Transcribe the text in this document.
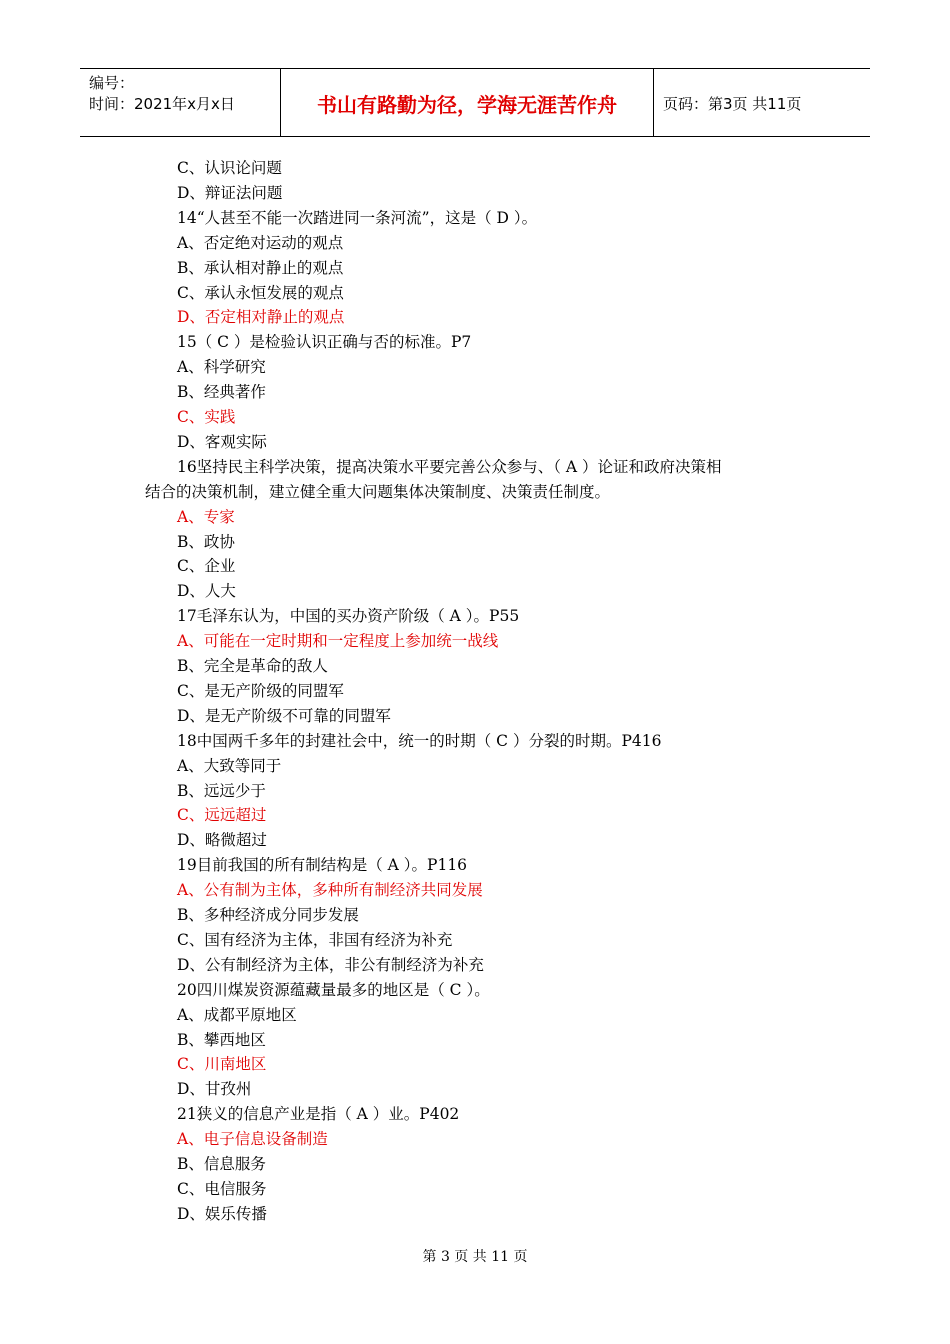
编号：
时间：2021年x月x日	书山有路勤为径，学海无涯苦作舟	页码：第3页 共11页
C、认识论问题
D、辩证法问题
14“人甚至不能一次踏进同一条河流”，这是（ D ）。
A、否定绝对运动的观点
B、承认相对静止的观点
C、承认永恒发展的观点
D、否定相对静止的观点
15（ C ）是检验认识正确与否的标准。P7
A、科学研究
B、经典著作
C、实践
D、客观实际
16坚持民主科学决策，提高决策水平要完善公众参与、（ A ）论证和政府决策相
结合的决策机制，建立健全重大问题集体决策制度、决策责任制度。
A、专家
B、政协
C、企业
D、人大
17毛泽东认为，中国的买办资产阶级（ A ）。P55
A、可能在一定时期和一定程度上参加统一战线
B、完全是革命的敌人
C、是无产阶级的同盟军
D、是无产阶级不可靠的同盟军
18中国两千多年的封建社会中，统一的时期（ C ）分裂的时期。P416
A、大致等同于
B、远远少于
C、远远超过
D、略微超过
19目前我国的所有制结构是（ A ）。P116
A、公有制为主体，多种所有制经济共同发展
B、多种经济成分同步发展
C、国有经济为主体，非国有经济为补充
D、公有制经济为主体，非公有制经济为补充
20四川煤炭资源蕴藏量最多的地区是（ C ）。
A、成都平原地区
B、攀西地区
C、川南地区
D、甘孜州
21狭义的信息产业是指（ A ）业。P402
A、电子信息设备制造
B、信息服务
C、电信服务
D、娱乐传播
第 3 页 共 11 页
